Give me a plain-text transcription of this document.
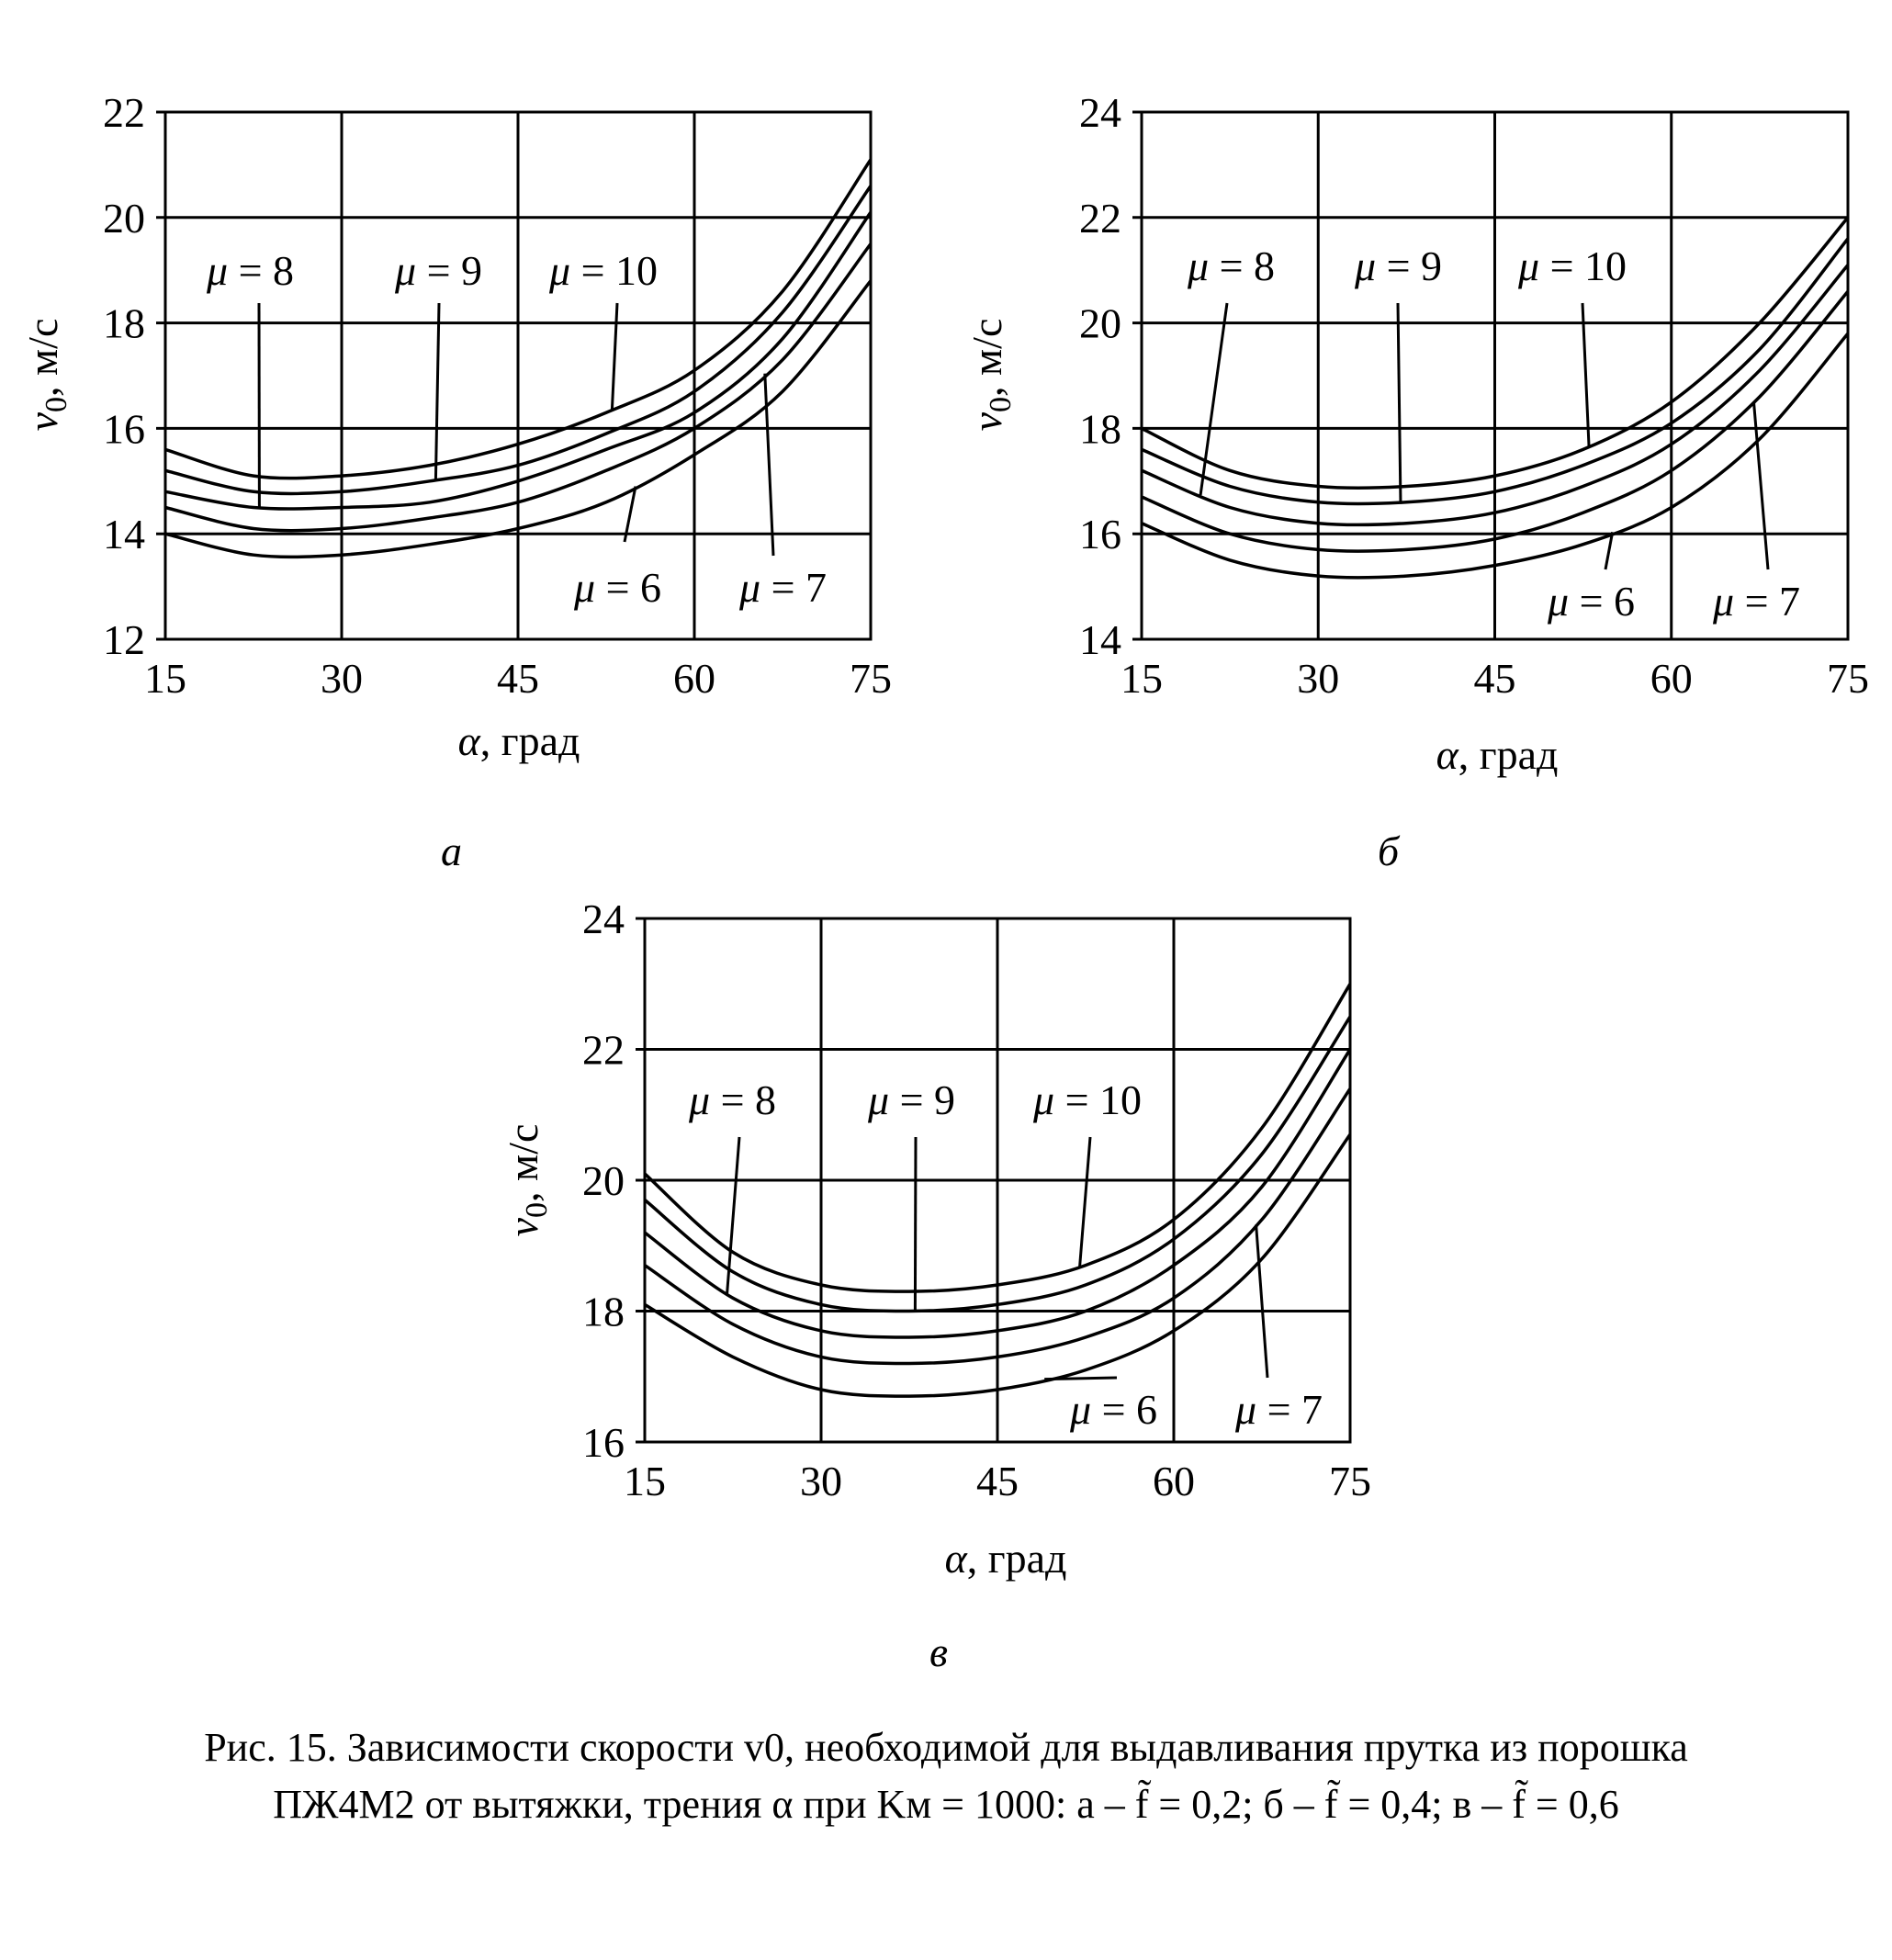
15	30	45	60	75
12
14
16
18
20
22
μ = 6 μ = 7
μ = 8 μ = 9 μ = 10
α, град
$v_0$, м/с
15	30	45	60	75
14
16
18
20
22
24
μ = 6 μ = 7
μ = 8 μ = 9 μ = 10
α, град
$v_0$, м/с
15	30	45	60	75
16
18
20
22
24
μ = 6 μ = 7
μ = 8 μ = 9 μ = 10
α, град
$v_0$, м/с
а	б
в
Рис. 15. Зависимости скорости v0, необходимой для выдавливания прутка из порошка
ПЖ4М2 от вытяжки, трения α при Kм = 1000: а – f̃ = 0,2; б – f̃ = 0,4; в – f̃ = 0,6
